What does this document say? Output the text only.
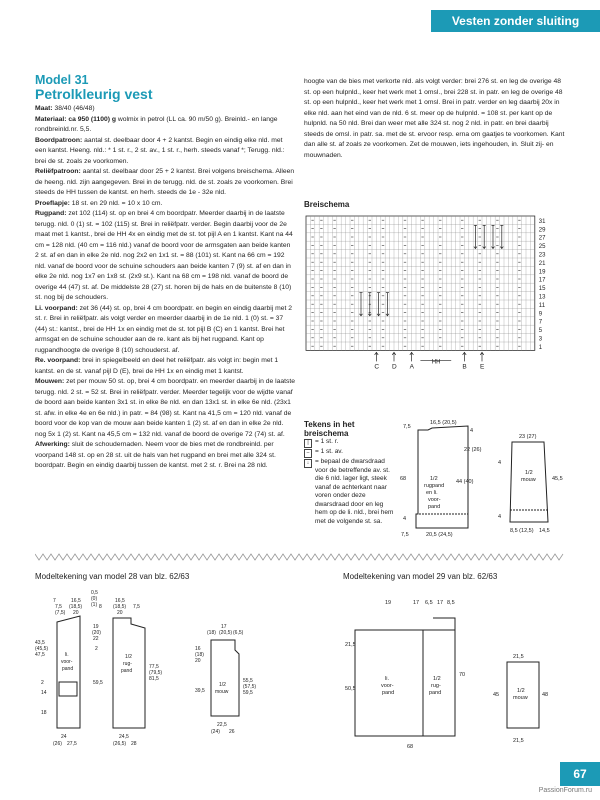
Vesten zonder sluiting
Model 31
Petrolkleurig vest

Maat: 38/40 (46/48)

Materiaal: ca 950 (1100) g wolmix in petrol (LL ca. 90 m/50 g). Breinld.- en lange rondbreinld.nr. 5,5.

Boordpatroon: aantal st. deelbaar door 4 + 2 kantst. Begin en eindig elke nld. met een kantst. Heeng. nld.: * 1 st. r., 2 st. av., 1 st. r., herh. steeds vanaf *; Terugg. nld.: brei de st. zoals ze voorkomen.

Reliëfpatroon: aantal st. deelbaar door 25 + 2 kantst. Brei volgens breischema. Alleen de heeng. nld. zijn aangegeven. Brei in de terugg. nld. de st. zoals ze voorkomen. Brei steeds de HH tussen de kantst. en herh. steeds de 1e - 32e nld.

Proeflapje: 18 st. en 29 nld. = 10 x 10 cm.

Rugpand: zet 102 (114) st. op en brei 4 cm boordpatr. Meerder daarbij in de laatste terugg. nld. 0 (1) st. = 102 (115) st. Brei in reliëfpatr. verder. Begin daarbij voor de 2e maat met 1 kantst., brei de HH 4x en eindig met de st. tot pijl A en 1 kantst. Kant na 44 cm = 128 nld. (40 cm = 116 nld.) vanaf de boord voor de armsgaten aan beide kanten 2 st. af en dan in elke 2e nld. nog 2x2 en 1x1 st. = 88 (101) st. Kant na 66 cm = 192 nld. vanaf de boord voor de schuine schouders aan beide kanten 7 (9) st. af en dan in elke 2e nld. nog 1x7 en 1x8 st. (2x9 st.). Kant na 68 cm = 198 nld. vanaf de boord de overige 44 (47) st. af. De middelste 28 (27) st. horen bij de hals en de buitenste 8 (10) st. nog bij de schouders.

Li. voorpand: zet 36 (44) st. op, brei 4 cm boordpatr. en begin en eindig daarbij met 2 st. r. Brei in reliëfpatr. als volgt verder en meerder daarbij in de 1e nld. 1 (0) st. = 37 (44) st.: kantst., brei de HH 1x en eindig met de st. tot pijl B (C) en 1 kantst. Brei het armsgat en de schuine schouder aan de re. kant als bij het rugpand. Kant op rugpandhoogte de overige 8 (10) schouderst. af.

Re. voorpand: brei in spiegelbeeld en deel het reliëfpatr. als volgt in: begin met 1 kantst. en de st. vanaf pijl D (E), brei de HH 1x en eindig met 1 kantst.

Mouwen: zet per mouw 50 st. op, brei 4 cm boordpatr. en meerder daarbij in de laatste terugg. nld. 2 st. = 52 st. Brei in reliëfpatr. verder. Meerder tegelijk voor de wijdte vanaf de boord aan beide kanten 3x1 st. in elke 8e nld. en dan 13x1 st. in elke 6e nld. (23x1 st. afw. in elke 4e en 6e nld.) in patr. = 84 (98) st. Kant na 41,5 cm = 120 nld. vanaf de boord voor de kop van de mouw aan beide kanten 1 (2) st. af en dan in elke 2e nld. nog 5x 1 (2) st. Kant na 45,5 cm = 132 nld. vanaf de boord de overige 72 (74) st. af.

Afwerking: sluit de schoudernaden. Neem voor de bies met de rondbreinld. per voorpand 148 st. op en 28 st. uit de hals van het rugpand en brei met alle 324 st. boordpatr. Begin en eindig daarbij tussen de kantst. met 2 st. r. Brei na 28 nld.

hoogte van de bies met verkorte nld. als volgt verder: brei 276 st. en leg de overige 48 st. op een hulpnld., keer het werk met 1 omsl., brei 228 st. in patr. en leg de overige 48 st. op een hulpnld., keer het werk met 1 omsl. Brei in patr. verder en leg daarbij 20x in elke nld. aan het eind van de nld. 6 st. meer op de hulpnld. = 108 st. per kant op de hulpnld. na 50 nld. Brei dan weer met alle 324 st. nog 2 nld. in patr. en brei daarbij steeds de omsl. in patr. sa. met de st. ervoor resp. erna om gaatjes te voorkomen. Kant dan alle st. af zoals ze voorkomen. Zet de mouwen, iets ingehouden, in. Sluit zij- en mouwnaden.

Breischema
31
29
27
25
23
21
19
17
15
13
11
9
7
5
3
1
C D A
HH
B E
Tekens in het breischema
| = 1 st. r.
– = 1 st. av.
↓ = bepaal de dwarsdraad voor de betreffende av. st. die 6 nld. lager ligt, steek vanaf de achterkant naar voren onder deze dwarsdraad door en leg hem op de li. nld., brei hem met de volgende st. sa.
7,5
16,5 (20,5)
22 (26)
68	44 (40)
1/2 rugpand en li. voor-pand
20,5 (24,5)
7,5
4
4
23 (27)
1/2 mouw	45,5
14,5
8,5 (12,5)
4
4
Modeltekening van model 28 van blz. 62/63	Modeltekening van model 29 van blz. 62/63
7	16,5
(18,5)
20
0,5
(0)
(1)
7,5
(7,5)
8
16,5
(18,5)
20
7,5
43,5
(45,5)
47,5	li. voor-pand
1/2 rug-pand
19
(20)
22
2
77,5
(79,5)
81,5
59,5
2
14
18
24
(26) 27,5
24,5
(26,5) 28
17
(18) (20,5) (6,5)
16
(18)
20
1/2 mouw
39,5
55,5
(57,5)
59,5
22,5
(24) 26
19	17 6,5 17 8,5
21,5
50,5
li. voor-pand
1/2 rug-pand
70
68
21,5
1/2 mouw
45	48
21,5
67
PassionForum.ru
